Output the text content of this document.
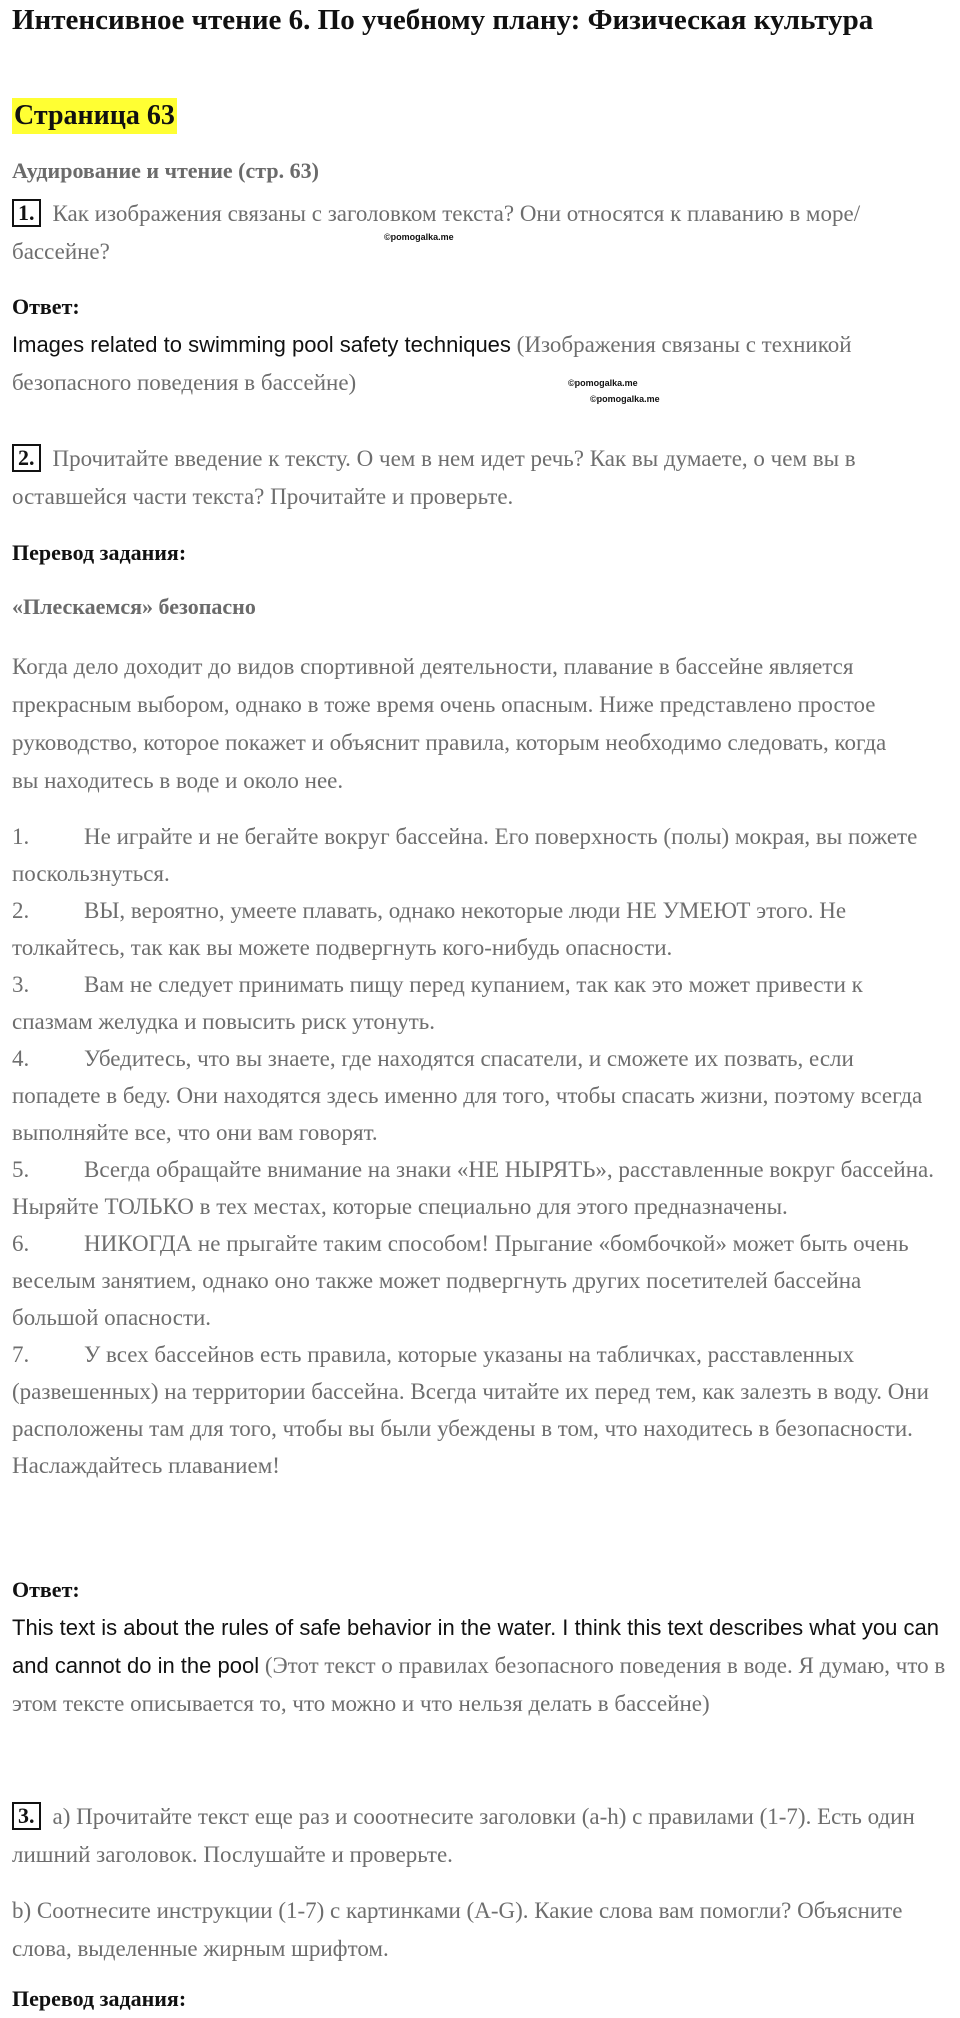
Интенсивное чтение 6. По учебному плану: Физическая культура
Страница 63
Аудирование и чтение (стр. 63)
1. Как изображения связаны с заголовком текста? Они относятся к плаванию в море/бассейне?
©pomogalka.me
Ответ:
Images related to swimming pool safety techniques (Изображения связаны с техникой безопасного поведения в бассейне)	©pomogalka.me
©pomogalka.me
2. Прочитайте введение к тексту. О чем в нем идет речь? Как вы думаете, о чем вы в оставшейся части текста? Прочитайте и проверьте.
Перевод задания:
«Плескаемся» безопасно
Когда дело доходит до видов спортивной деятельности, плавание в бассейне является прекрасным выбором, однако в тоже время очень опасным. Ниже представлено простое руководство, которое покажет и объяснит правила, которым необходимо следовать, когда вы находитесь в воде и около нее.
1. Не играйте и не бегайте вокруг бассейна. Его поверхность (полы) мокрая, вы пожете поскользнуться.
2. ВЫ, вероятно, умеете плавать, однако некоторые люди НЕ УМЕЮТ этого. Не толкайтесь, так как вы можете подвергнуть кого-нибудь опасности.
3. Вам не следует принимать пищу перед купанием, так как это может привести к спазмам желудка и повысить риск утонуть.
4. Убедитесь, что вы знаете, где находятся спасатели, и сможете их позвать, если попадете в беду. Они находятся здесь именно для того, чтобы спасать жизни, поэтому всегда выполняйте все, что они вам говорят.
5. Всегда обращайте внимание на знаки «НЕ НЫРЯТЬ», расставленные вокруг бассейна. Ныряйте ТОЛЬКО в тех местах, которые специально для этого предназначены.
6. НИКОГДА не прыгайте таким способом! Прыгание «бомбочкой» может быть очень веселым занятием, однако оно также может подвергнуть других посетителей бассейна большой опасности.
7. У всех бассейнов есть правила, которые указаны на табличках, расставленных (развешенных) на территории бассейна. Всегда читайте их перед тем, как залезть в воду. Они расположены там для того, чтобы вы были убеждены в том, что находитесь в безопасности. Наслаждайтесь плаванием!
Ответ:
This text is about the rules of safe behavior in the water. I think this text describes what you can and cannot do in the pool (Этот текст о правилах безопасного поведения в воде. Я думаю, что в этом тексте описывается то, что можно и что нельзя делать в бассейне)
3. a) Прочитайте текст еще раз и сооотнесите заголовки (a-h) с правилами (1-7). Есть один лишний заголовок. Послушайте и проверьте.
b) Соотнесите инструкции (1-7) с картинками (A-G). Какие слова вам помогли? Объясните слова, выделенные жирным шрифтом.
Перевод задания:
